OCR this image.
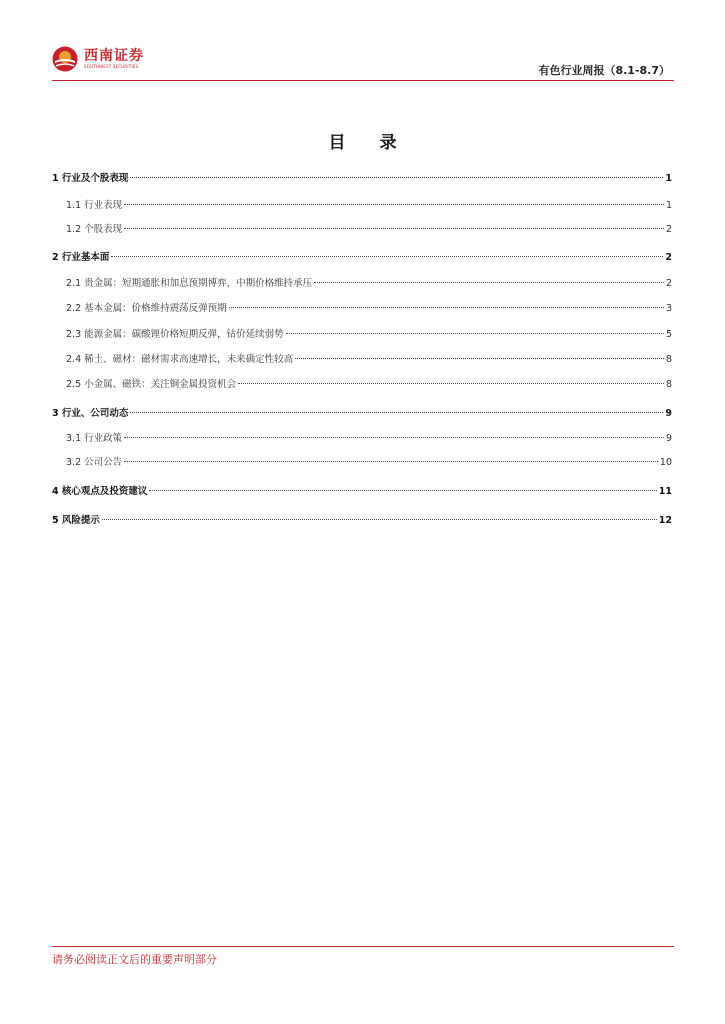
西南证券
SOUTHWEST SECURITIES	有色行业周报（8.1-8.7）
目 录
1 行业及个股表现	1
1.1 行业表现	1
1.2 个股表现	2
2 行业基本面	2
2.1 贵金属：短期通胀和加息预期博弈，中期价格维持承压	2
2.2 基本金属：价格维持震荡反弹预期	3
2.3 能源金属：碳酸锂价格短期反弹，钴价延续弱势	5
2.4 稀土、磁材：磁材需求高速增长，未来确定性较高	8
2.5 小金属、磁铁：关注铜金属投资机会	8
3 行业、公司动态	9
3.1 行业政策	9
3.2 公司公告	10
4 核心观点及投资建议	11
5 风险提示	12
请务必阅读正文后的重要声明部分
